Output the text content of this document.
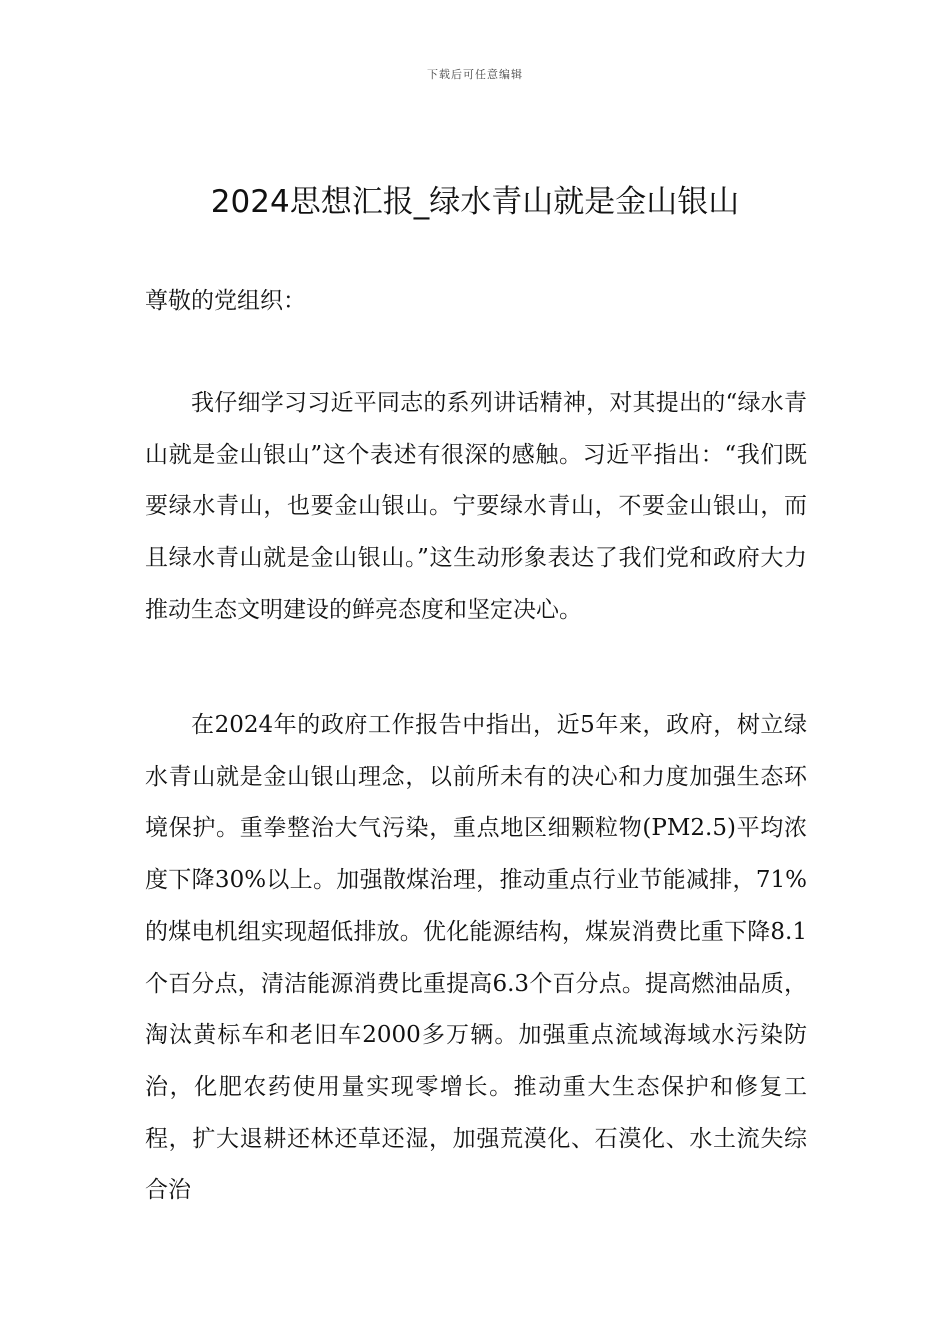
下载后可任意编辑
2024思想汇报_绿水青山就是金山银山

尊敬的党组织：

我仔细学习习近平同志的系列讲话精神，对其提出的“绿水青山就是金山银山”这个表述有很深的感触。习近平指出：“我们既要绿水青山，也要金山银山。宁要绿水青山，不要金山银山，而且绿水青山就是金山银山。”这生动形象表达了我们党和政府大力推动生态文明建设的鲜亮态度和坚定决心。

在2024年的政府工作报告中指出，近5年来，政府，树立绿水青山就是金山银山理念，以前所未有的决心和力度加强生态环境保护。重拳整治大气污染，重点地区细颗粒物(PM2.5)平均浓度下降30%以上。加强散煤治理，推动重点行业节能减排，71%的煤电机组实现超低排放。优化能源结构，煤炭消费比重下降8.1个百分点，清洁能源消费比重提高6.3个百分点。提高燃油品质，淘汰黄标车和老旧车2000多万辆。加强重点流域海域水污染防治，化肥农药使用量实现零增长。推动重大生态保护和修复工程，扩大退耕还林还草还湿，加强荒漠化、石漠化、水土流失综合治
